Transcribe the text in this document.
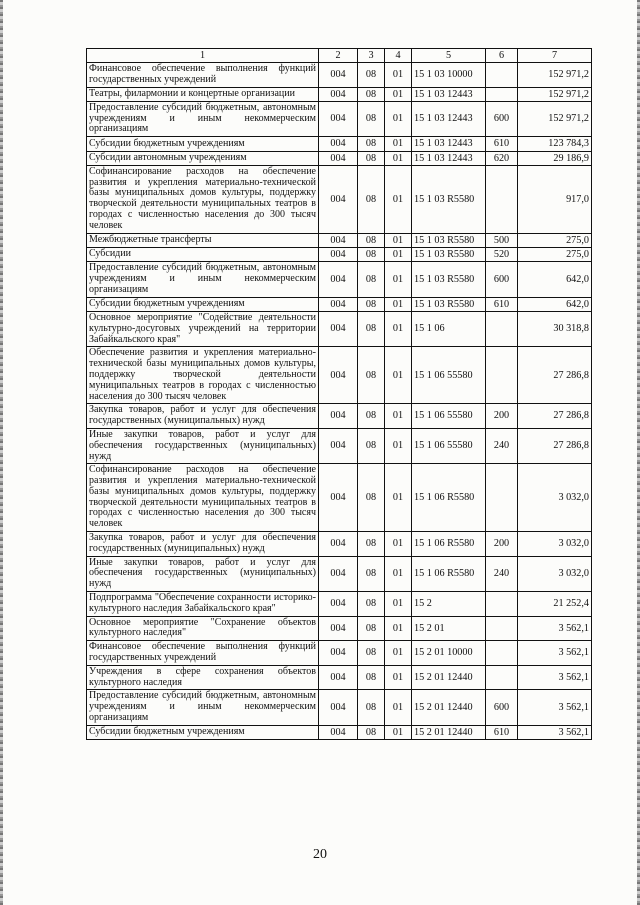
1	2	3	4	5	6	7
Финансовое обеспечение выполнения функций государственных учреждений	004	08	01	15 1 03 10000		152 971,2
Театры, филармонии и концертные организации	004	08	01	15 1 03 12443		152 971,2
Предоставление субсидий бюджетным, автономным учреждениям и иным некоммерческим организациям	004	08	01	15 1 03 12443	600	152 971,2
Субсидии бюджетным учреждениям	004	08	01	15 1 03 12443	610	123 784,3
Субсидии автономным учреждениям	004	08	01	15 1 03 12443	620	29 186,9
Софинансирование расходов на обеспечение развития и укрепления материально-технической базы муниципальных домов культуры, поддержку творческой деятельности муниципальных театров в городах с численностью населения до 300 тысяч человек	004	08	01	15 1 03 R5580		917,0
Межбюджетные трансферты	004	08	01	15 1 03 R5580	500	275,0
Субсидии	004	08	01	15 1 03 R5580	520	275,0
Предоставление субсидий бюджетным, автономным учреждениям и иным некоммерческим организациям	004	08	01	15 1 03 R5580	600	642,0
Субсидии бюджетным учреждениям	004	08	01	15 1 03 R5580	610	642,0
Основное мероприятие "Содействие деятельности культурно-досуговых учреждений на территории Забайкальского края"	004	08	01	15 1 06		30 318,8
Обеспечение развития и укрепления материально-технической базы муниципальных домов культуры, поддержку творческой деятельности муниципальных театров в городах с численностью населения до 300 тысяч человек	004	08	01	15 1 06 55580		27 286,8
Закупка товаров, работ и услуг для обеспечения государственных (муниципальных) нужд	004	08	01	15 1 06 55580	200	27 286,8
Иные закупки товаров, работ и услуг для обеспечения государственных (муниципальных) нужд	004	08	01	15 1 06 55580	240	27 286,8
Софинансирование расходов на обеспечение развития и укрепления материально-технической базы муниципальных домов культуры, поддержку творческой деятельности муниципальных театров в городах с численностью населения до 300 тысяч человек	004	08	01	15 1 06 R5580		3 032,0
Закупка товаров, работ и услуг для обеспечения государственных (муниципальных) нужд	004	08	01	15 1 06 R5580	200	3 032,0
Иные закупки товаров, работ и услуг для обеспечения государственных (муниципальных) нужд	004	08	01	15 1 06 R5580	240	3 032,0
Подпрограмма "Обеспечение сохранности историко-культурного наследия Забайкальского края"	004	08	01	15 2		21 252,4
Основное мероприятие "Сохранение объектов культурного наследия"	004	08	01	15 2 01		3 562,1
Финансовое обеспечение выполнения функций государственных учреждений	004	08	01	15 2 01 10000		3 562,1
Учреждения в сфере сохранения объектов культурного наследия	004	08	01	15 2 01 12440		3 562,1
Предоставление субсидий бюджетным, автономным учреждениям и иным некоммерческим организациям	004	08	01	15 2 01 12440	600	3 562,1
Субсидии бюджетным учреждениям	004	08	01	15 2 01 12440	610	3 562,1
20
